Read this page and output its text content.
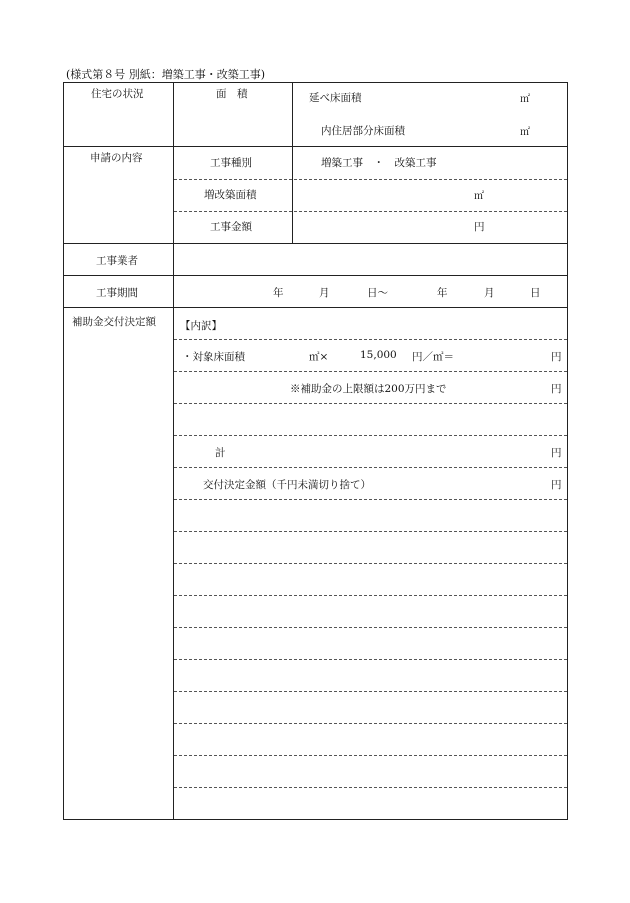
(様式第８号 別紙：増築工事・改築工事)
住宅の状況	面　積	延べ床面積	㎡
内住居部分床面積	㎡
申請の内容	工事種別	増築工事　・　改築工事
増改築面積	㎡
工事金額	円
工事業者
工事期間	年	月	日～	年	月	日
補助金交付決定額 【内訳】
・対象床面積	㎡×	15,000 円／㎡＝	円
※補助金の上限額は200万円まで	円
計	円
交付決定金額（千円未満切り捨て）	円
